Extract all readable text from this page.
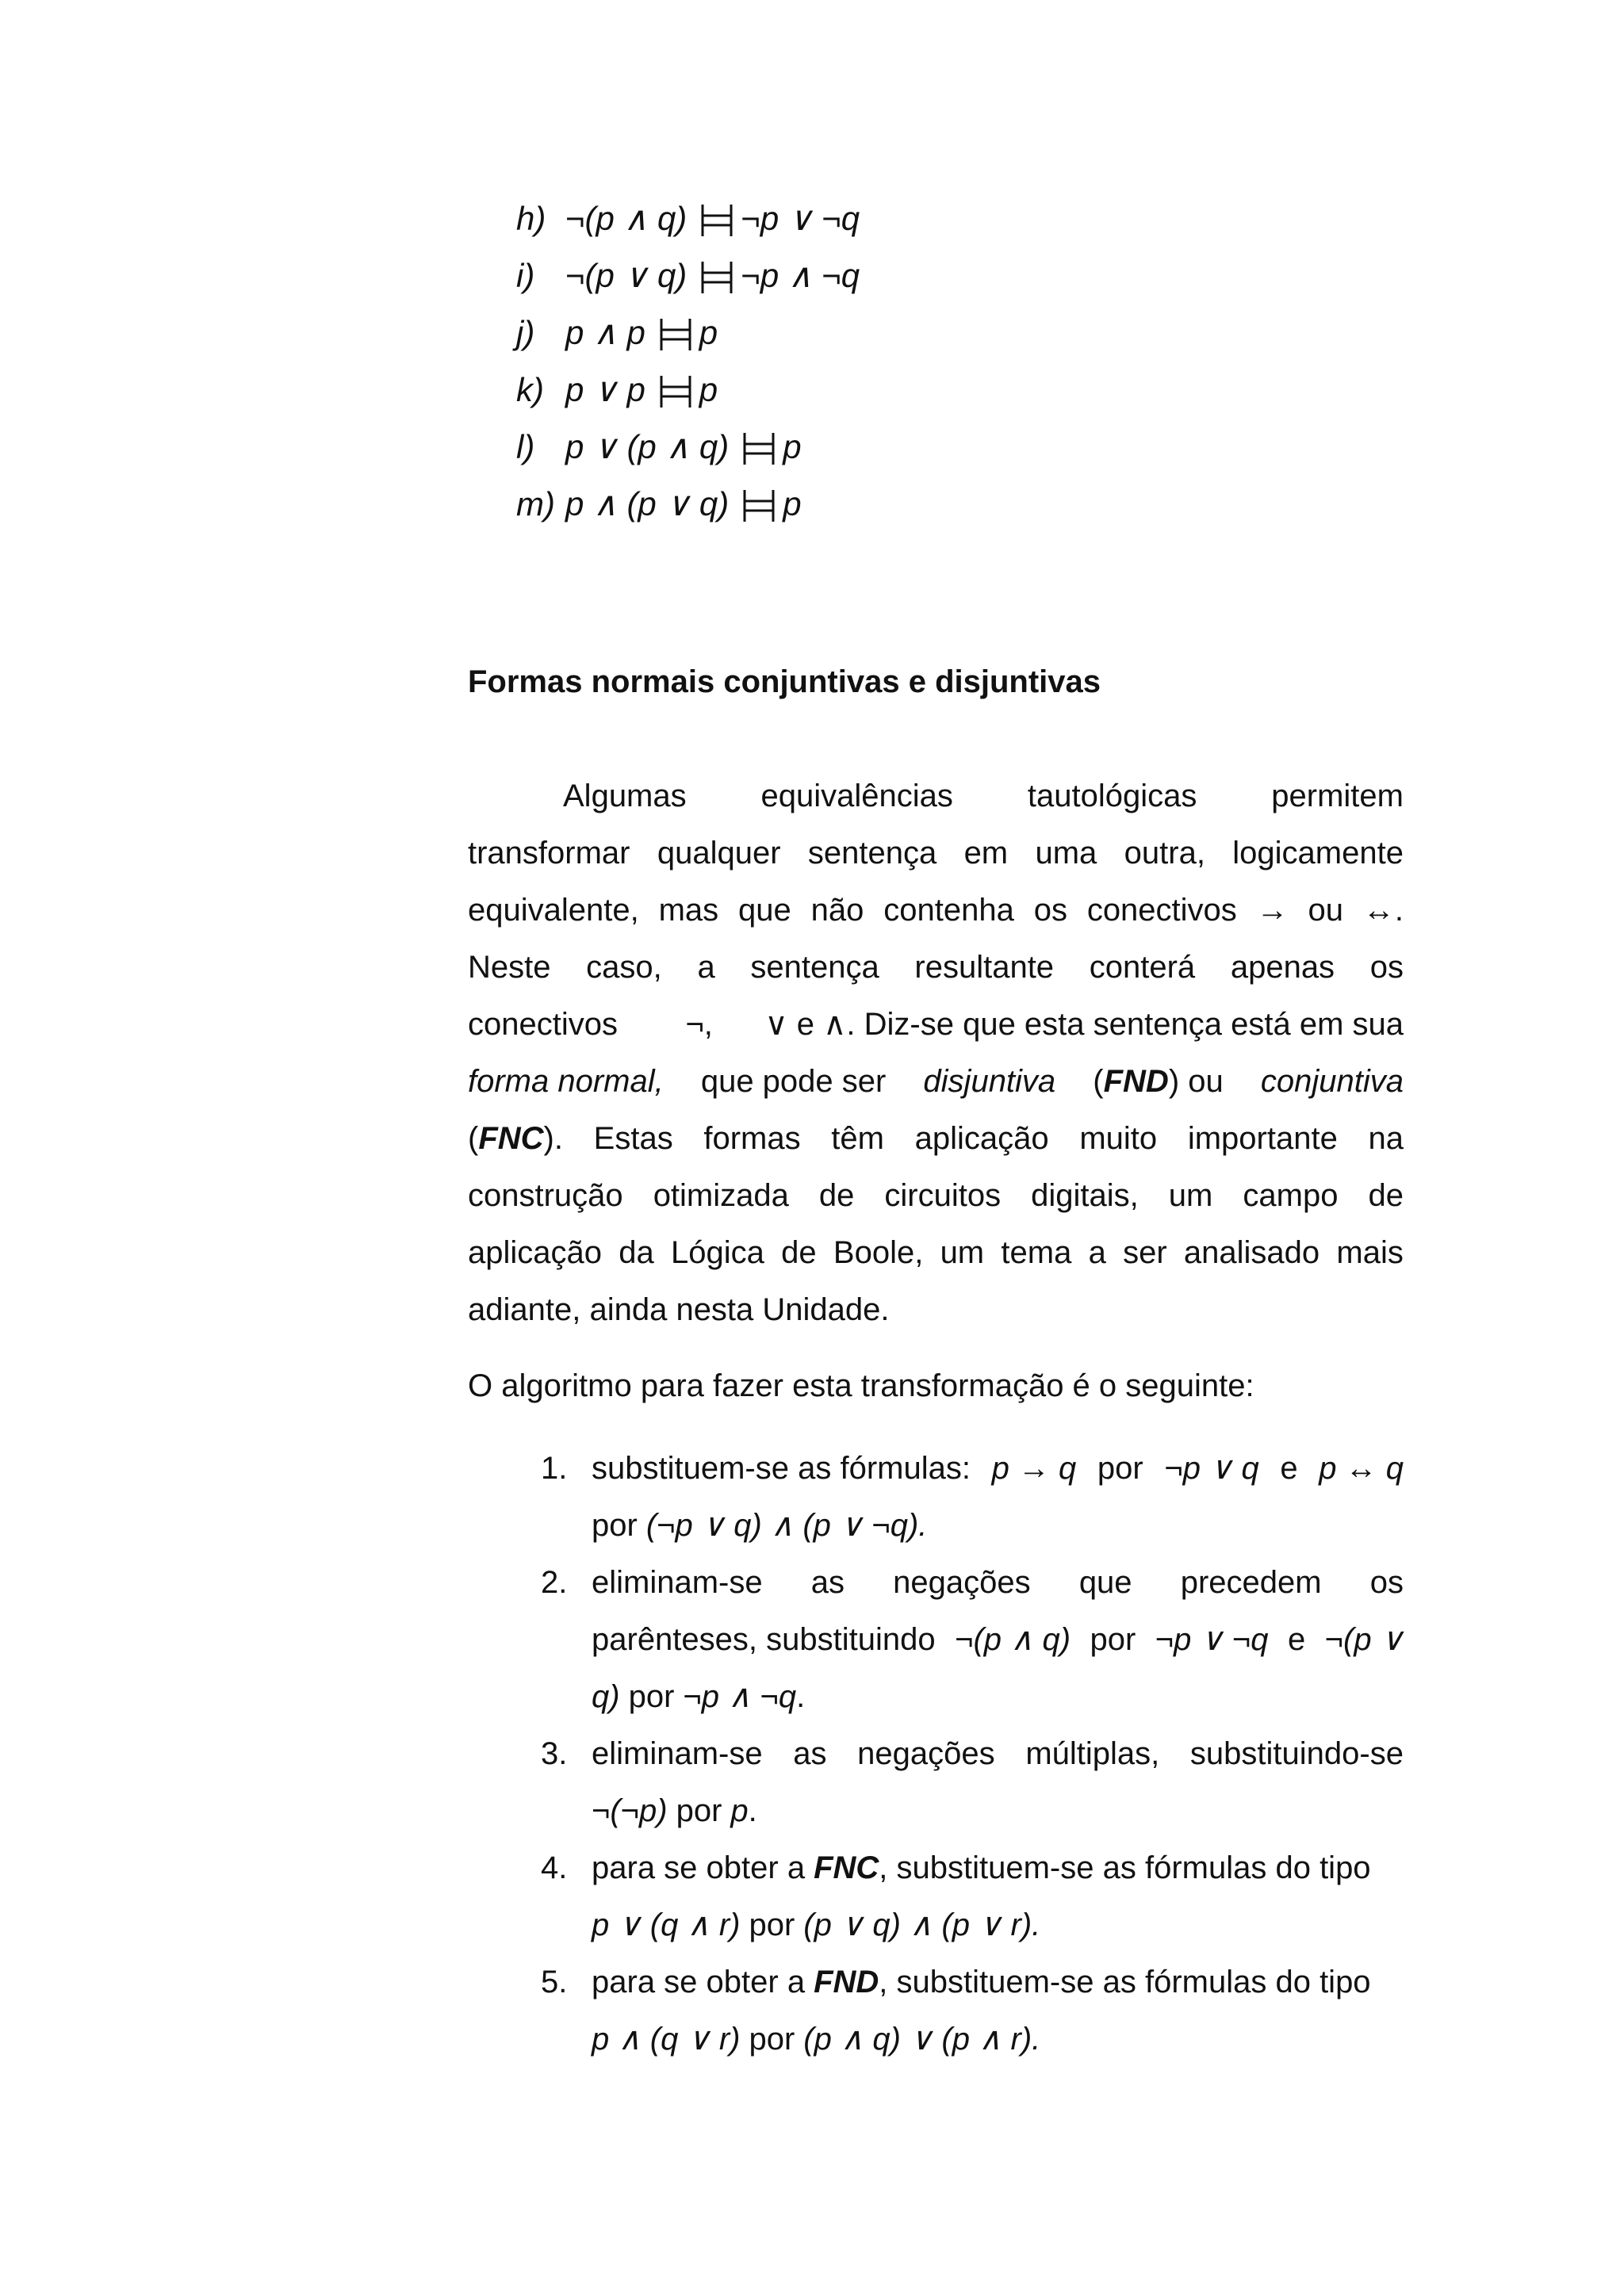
h) ¬(p ∧ q) ¬p ∨ ¬q
i) ¬(p ∨ q) ¬p ∧ ¬q
j) p ∧ p p
k) p ∨ p p
l) p ∨ (p ∧ q) p
m) p ∧ (p ∨ q) p
Formas normais conjuntivas e disjuntivas
Algumas equivalências tautológicas permitem
transformar qualquer sentença em uma outra, logicamente
equivalente, mas que não contenha os conectivos → ou ↔.
Neste caso, a sentença resultante conterá apenas os
conectivos ¬, ∨ e ∧. Diz-se que esta sentença está em sua
forma normal, que pode ser disjuntiva (FND) ou conjuntiva
(FNC). Estas formas têm aplicação muito importante na
construção otimizada de circuitos digitais, um campo de
aplicação da Lógica de Boole, um tema a ser analisado mais
adiante, ainda nesta Unidade.
O algoritmo para fazer esta transformação é o seguinte:
1. substituem-se as fórmulas: p → q por ¬p ∨ q e p ↔ q
por (¬p ∨ q) ∧ (p ∨ ¬q).
2. eliminam-se as negações que precedem os
parênteses, substituindo ¬(p ∧ q) por ¬p ∨ ¬q e ¬(p ∨
q) por ¬p ∧ ¬q .
3. eliminam-se as negações múltiplas, substituindo-se
¬(¬p) por p .
4. para se obter a FNC , substituem-se as fórmulas do tipo
p ∨ (q ∧ r) por (p ∨ q) ∧ (p ∨ r).
5. para se obter a FND , substituem-se as fórmulas do tipo
p ∧ (q ∨ r) por (p ∧ q) ∨ (p ∧ r).
